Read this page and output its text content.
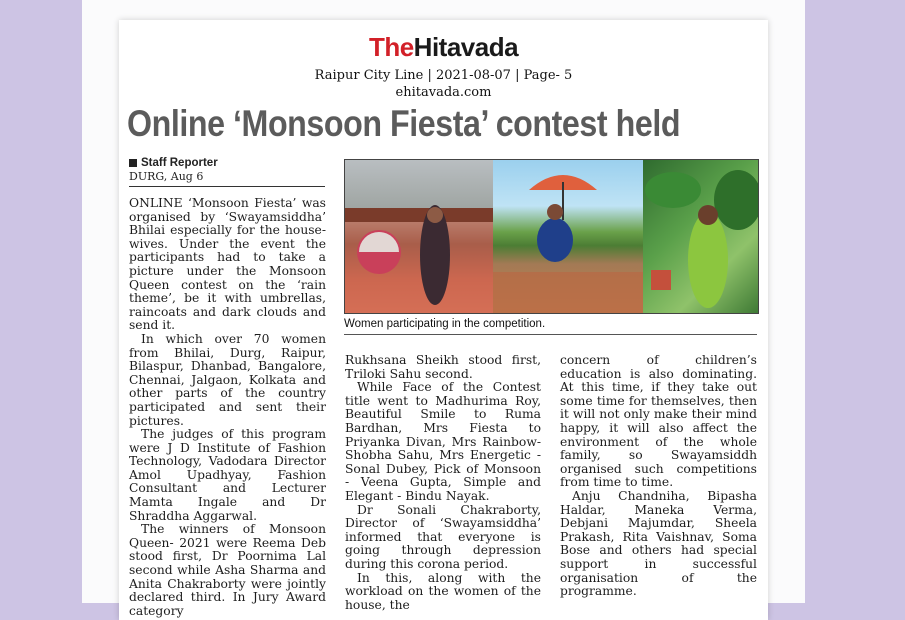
TheHitavada
Raipur City Line | 2021-08-07 | Page- 5
ehitavada.com
Online ‘Monsoon Fiesta’ contest held
Staff Reporter
DURG, Aug 6

ONLINE ‘Monsoon Fiesta’ was organised by ‘Swayamsiddha’ Bhilai especially for the house-wives. Under the event the participants had to take a picture under the Monsoon Queen contest on the ‘rain theme’, be it with umbrellas, raincoats and dark clouds and send it.

In which over 70 women from Bhilai, Durg, Raipur, Bilaspur, Dhanbad, Bangalore, Chennai, Jalgaon, Kolkata and other parts of the country participated and sent their pictures.

The judges of this program were J D Institute of Fashion Technology, Vadodara Director Amol Upadhyay, Fashion Consultant and Lecturer Mamta Ingale and Dr Shraddha Aggarwal.

The winners of Monsoon Queen- 2021 were Reema Deb stood first, Dr Poornima Lal second while Asha Sharma and Anita Chakraborty were jointly declared third. In Jury Award category

Women participating in the competition.

Rukhsana Sheikh stood first, Triloki Sahu second.

While Face of the Contest title went to Madhurima Roy, Beautiful Smile to Ruma Bardhan, Mrs Fiesta to Priyanka Divan, Mrs Rainbow-Shobha Sahu, Mrs Energetic - Sonal Dubey, Pick of Monsoon - Veena Gupta, Simple and Elegant - Bindu Nayak.

Dr Sonali Chakraborty, Director of ‘Swayamsiddha’ informed that everyone is going through depression during this corona period.

In this, along with the workload on the women of the house, the

concern of children’s education is also dominating. At this time, if they take out some time for themselves, then it will not only make their mind happy, it will also affect the environment of the whole family, so Swayamsiddh organised such competitions from time to time.

Anju Chandniha, Bipasha Haldar, Maneka Verma, Debjani Majumdar, Sheela Prakash, Rita Vaishnav, Soma Bose and others had special support in successful organisation of the programme.
